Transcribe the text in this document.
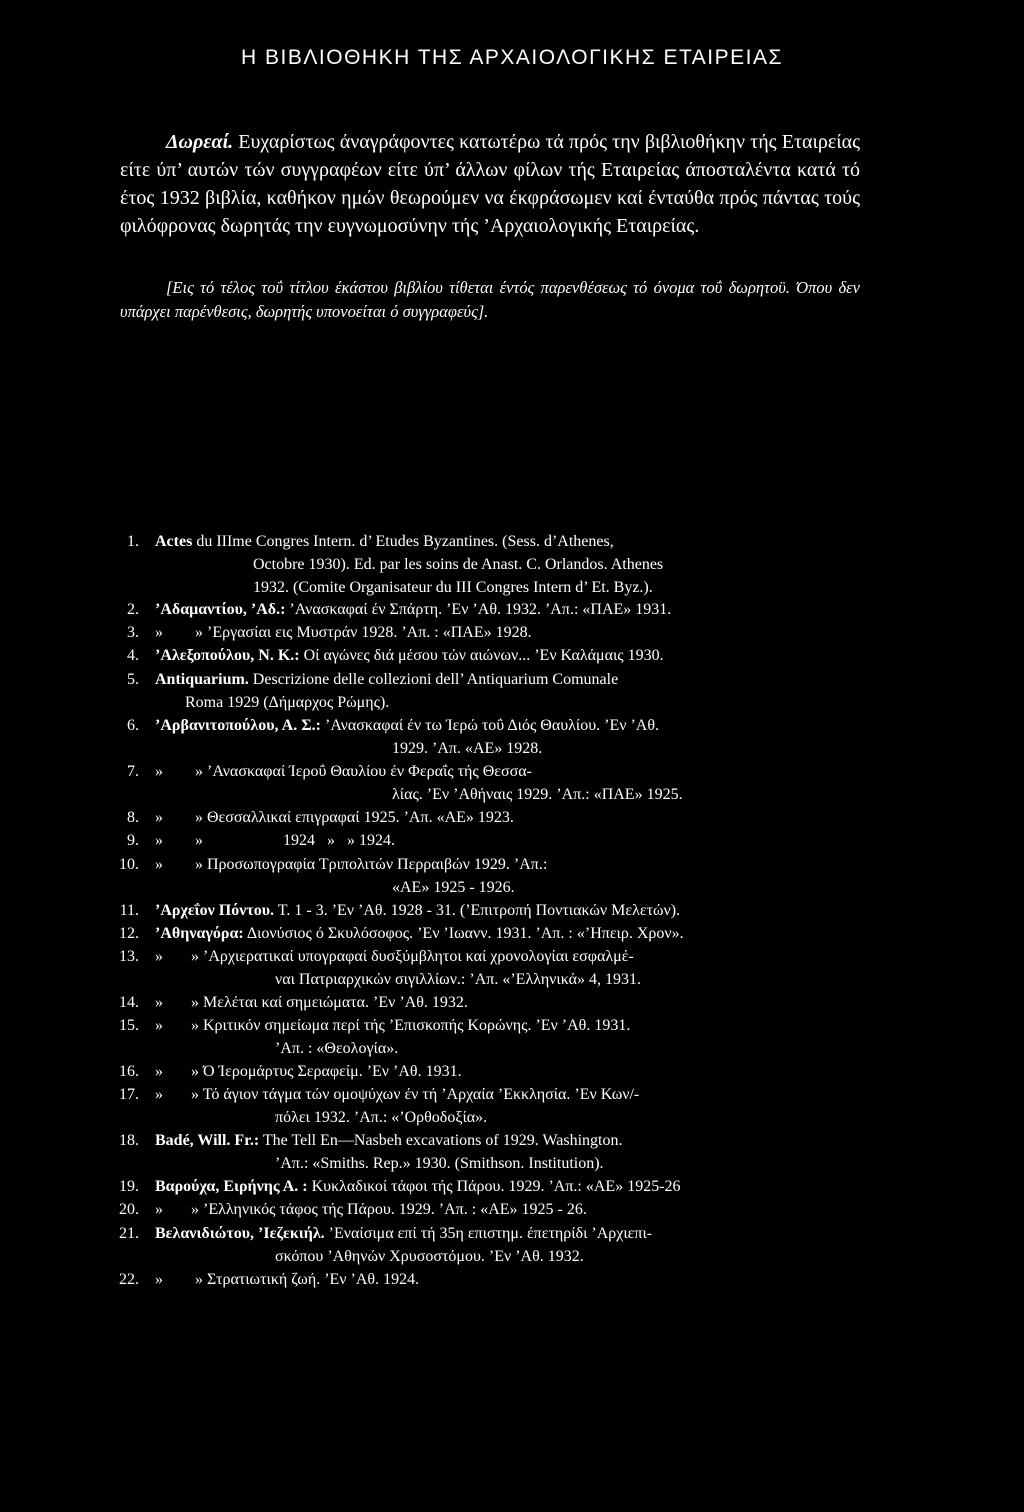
Η ΒΙΒΛΙΟΘΗΚΗ ΤΗΣ ΑΡΧΑΙΟΛΟΓΙΚΗΣ ΕΤΑΙΡΕΙΑΣ
Δωρεαί. Ευχαρίστως άναγράφοντες κατωτέρω τά πρός την βιβλιοθήκην τής Εταιρείας είτε ύπ’ αυτών τών συγγραφέων είτε ύπ’ άλλων φίλων τής Εταιρείας άποσταλέντα κατά τό έτος 1932 βιβλία, καθήκον ημών θεωρούμεν να έκφράσωμεν καί ένταύθα πρός πάντας τούς φιλόφρονας δωρητάς την ευγνωμοσύνην τής ’Αρχαιολογικής Εταιρείας.
[Εις τό τέλος τοΰ τίτλου έκάστου βιβλίου τίθεται έντός παρενθέσεως τό όνομα τοΰ δωρητοϋ. Όπου δεν υπάρχει παρένθεσις, δωρητής υπονοείται ό συγγραφεύς].
1. Actes du IIIme Congres Intern. d’ Etudes Byzantines. (Sess. d’Athenes,
Octobre 1930). Ed. par les soins de Anast. C. Orlandos. Athenes
1932. (Comite Organisateur du III Congres Intern d’ Et. Byz.).
2. ’Αδαμαντίου, ’Αδ.: ’Ανασκαφαί έν Σπάρτη. ’Εν ’Αθ. 1932. ’Απ.: «ΠΑΕ» 1931.
3. »        » ’Εργασίαι εις Μυστράν 1928. ’Απ. : «ΠΑΕ» 1928.
4. ’Αλεξοπούλου, Ν. Κ.: Οί αγώνες διά μέσου τών αιώνων... ’Εν Καλάμαις 1930.
5. Antiquarium. Descrizione delle collezioni dell’ Antiquarium Comunale
Roma 1929 (Δήμαρχος Ρώμης).
6. ’Αρβανιτοπούλου, Α. Σ.: ’Ανασκαφαί έν τω Ίερώ τοΰ Διός Θαυλίου. ’Εν ’Αθ.
1929. ’Απ. «ΑΕ» 1928.
7. »        » ’Ανασκαφαί Ίεροΰ Θαυλίου έν Φεραΐς τής Θεσσα-
λίας. ’Εν ’Αθήναις 1929. ’Απ.: «ΠΑΕ» 1925.
8. »        » Θεσσαλλικαί επιγραφαί 1925. ’Απ. «ΑΕ» 1923.
9. »        »                    1924   »   » 1924.
10. »        » Προσωπογραφία Τριπολιτών Περραιβών 1929. ’Απ.:
«ΑΕ» 1925 - 1926.
11. ’Αρχεΐον Πόντου. Τ. 1 - 3. ’Εν ’Αθ. 1928 - 31. (’Επιτροπή Ποντιακών Μελετών).
12. ’Αθηναγόρα: Διονύσιος ό Σκυλόσοφος. ’Εν ’Ιωανν. 1931. ’Απ. : «’Ηπειρ. Χρον».
13. »       » ’Αρχιερατικαί υπογραφαί δυσξύμβλητοι καί χρονολογίαι εσφαλμέ-
ναι Πατριαρχικών σιγιλλίων.: ’Απ. «’Ελληνικά» 4, 1931.
14. »       » Μελέται καί σημειώματα. ’Εν ’Αθ. 1932.
15. »       » Κριτικόν σημείωμα περί τής ’Επισκοπής Κορώνης. ’Εν ’Αθ. 1931.
’Απ. : «Θεολογία».
16. »       » Ό Ίερομάρτυς Σεραφείμ. ’Εν ’Αθ. 1931.
17. »       » Τό άγιον τάγμα τών ομοψύχων έν τή ’Αρχαία ’Εκκλησία. ’Εν Κων/-
πόλει 1932. ’Απ.: «’Ορθοδοξία».
18. Badé, Will. Fr.: The Tell En—Nasbeh excavations of 1929. Washington.
’Απ.: «Smiths. Rep.» 1930. (Smithson. Institution).
19. Βαρούχα, Ειρήνης Α. : Κυκλαδικοί τάφοι τής Πάρου. 1929. ’Απ.: «ΑΕ» 1925-26
20. »       » ’Ελληνικός τάφος τής Πάρου. 1929. ’Απ. : «ΑΕ» 1925 - 26.
21. Βελανιδιώτου, ’Ιεζεκιήλ. ’Εναίσιμα επί τή 35η επιστημ. έπετηρίδι ’Αρχιεπι-
σκόπου ’Αθηνών Χρυσοστόμου. ’Εν ’Αθ. 1932.
22. »        » Στρατιωτική ζωή. ’Εν ’Αθ. 1924.
